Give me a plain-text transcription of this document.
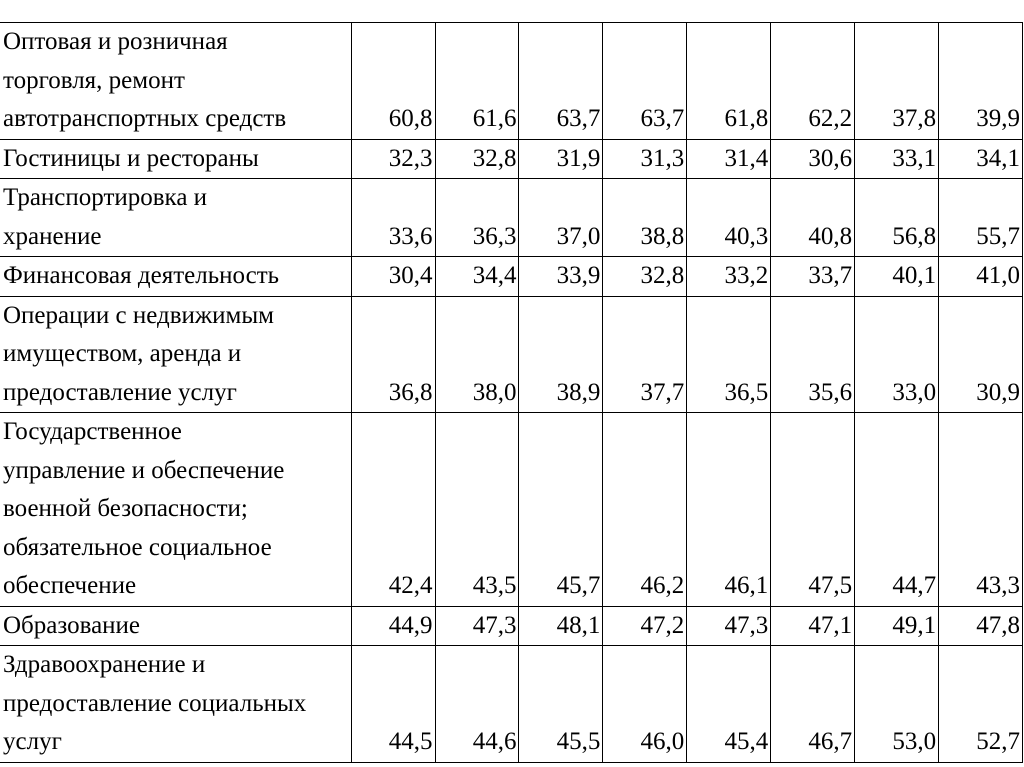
Оптовая и розничная
торговля, ремонт
автотранспортных средств	60,8	61,6	63,7	63,7	61,8	62,2	37,8	39,9

Гостиницы и рестораны	32,3	32,8	31,9	31,3	31,4	30,6	33,1	34,1

Транспортировка и
хранение	33,6	36,3	37,0	38,8	40,3	40,8	56,8	55,7

Финансовая деятельность	30,4	34,4	33,9	32,8	33,2	33,7	40,1	41,0

Операции с недвижимым
имуществом, аренда и
предоставление услуг	36,8	38,0	38,9	37,7	36,5	35,6	33,0	30,9

Государственное
управление и обеспечение
военной безопасности;
обязательное социальное
обеспечение	42,4	43,5	45,7	46,2	46,1	47,5	44,7	43,3

Образование	44,9	47,3	48,1	47,2	47,3	47,1	49,1	47,8

Здравоохранение и
предоставление социальных
услуг	44,5	44,6	45,5	46,0	45,4	46,7	53,0	52,7
